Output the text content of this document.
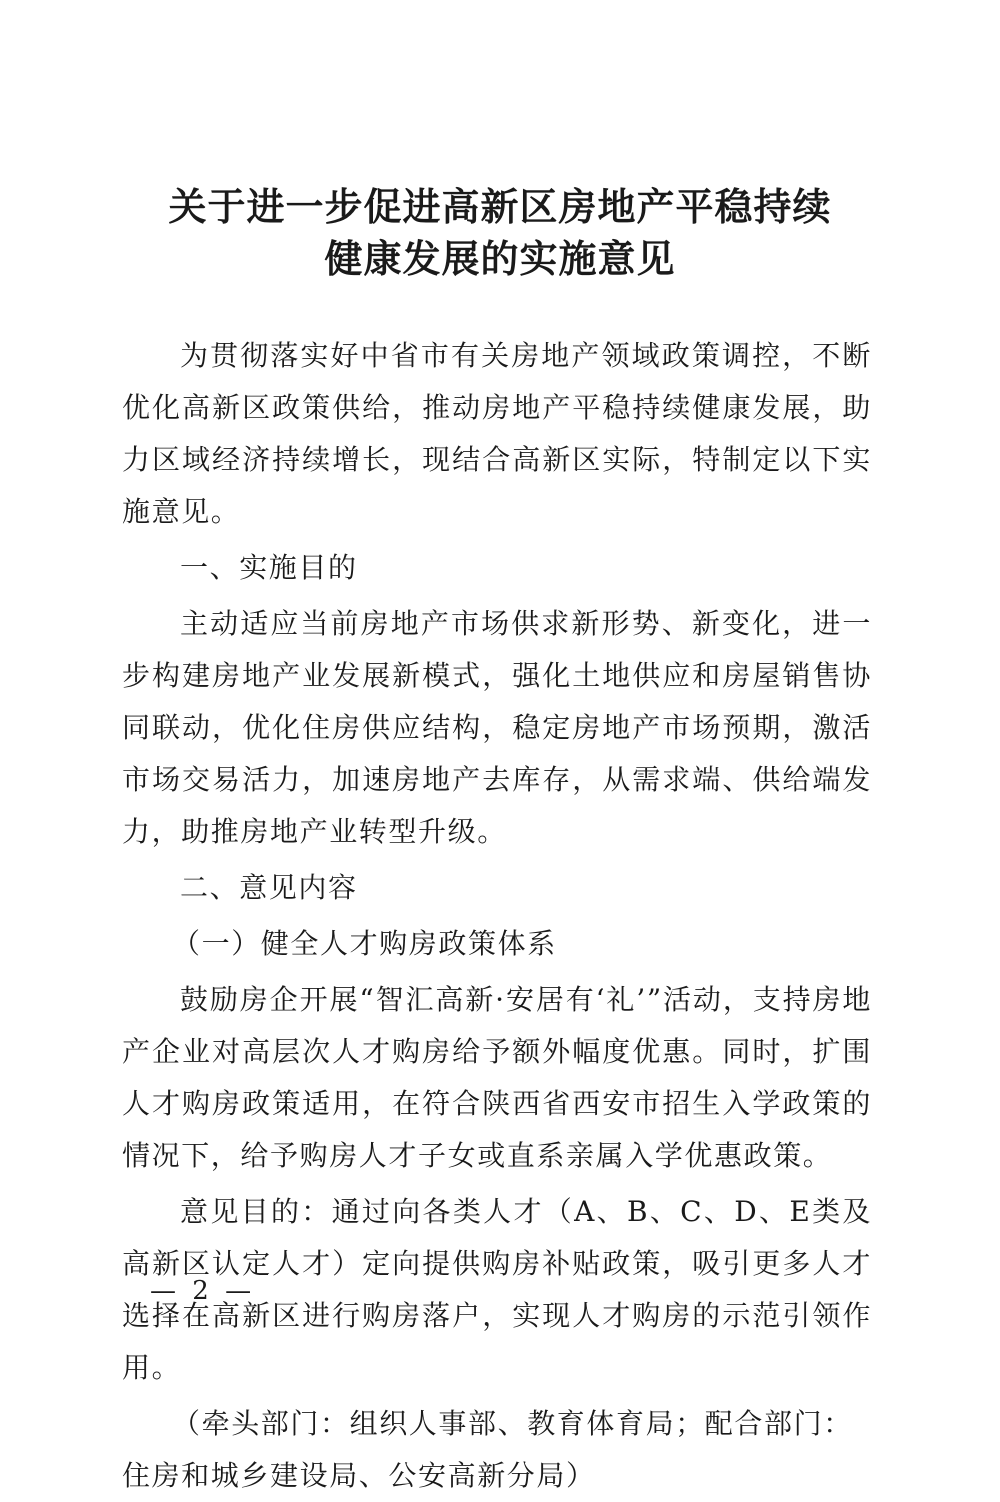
关于进一步促进高新区房地产平稳持续
健康发展的实施意见

为贯彻落实好中省市有关房地产领域政策调控，不断优化高新区政策供给，推动房地产平稳持续健康发展，助力区域经济持续增长，现结合高新区实际，特制定以下实施意见。

一、实施目的

主动适应当前房地产市场供求新形势、新变化，进一步构建房地产业发展新模式，强化土地供应和房屋销售协同联动，优化住房供应结构，稳定房地产市场预期，激活市场交易活力，加速房地产去库存，从需求端、供给端发力，助推房地产业转型升级。

二、意见内容

（一）健全人才购房政策体系

鼓励房企开展“智汇高新·安居有‘礼’”活动，支持房地产企业对高层次人才购房给予额外幅度优惠。同时，扩围人才购房政策适用，在符合陕西省西安市招生入学政策的情况下，给予购房人才子女或直系亲属入学优惠政策。

意见目的：通过向各类人才（A、B、C、D、E类及高新区认定人才）定向提供购房补贴政策，吸引更多人才选择在高新区进行购房落户，实现人才购房的示范引领作用。

（牵头部门：组织人事部、教育体育局；配合部门：住房和城乡建设局、公安高新分局）

— 2 —
